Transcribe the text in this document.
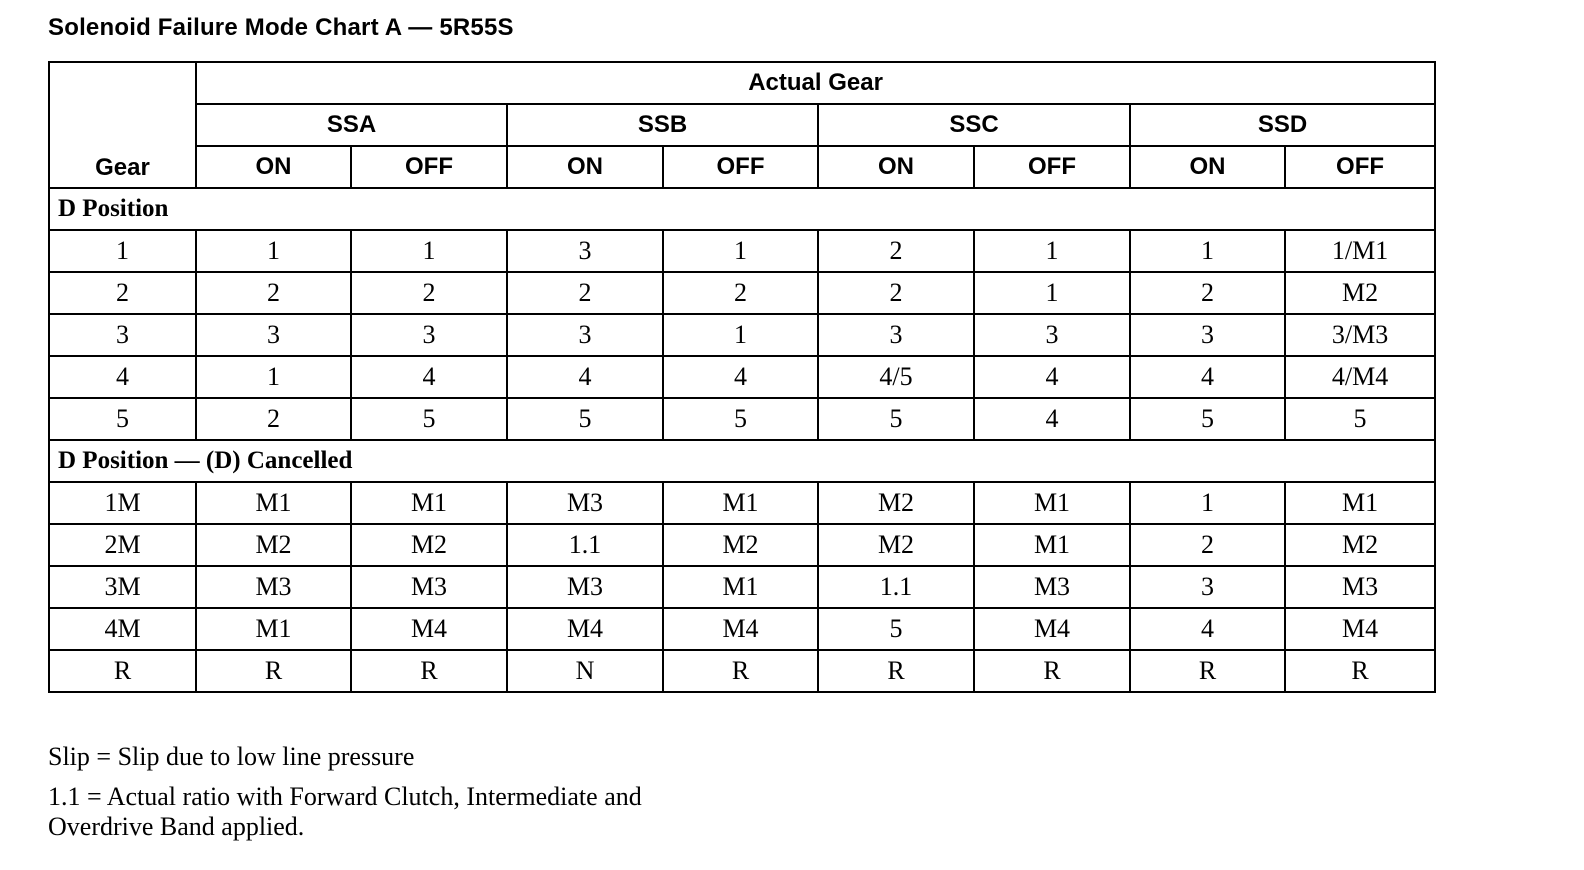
Solenoid Failure Mode Chart A — 5R55S
Gear	Actual Gear							
	SSA		SSB		SSC		SSD	
	ON	OFF	ON	OFF	ON	OFF	ON	OFF
D Position								
1	1	1	3	1	2	1	1	1/M1
2	2	2	2	2	2	1	2	M2
3	3	3	3	1	3	3	3	3/M3
4	1	4	4	4	4/5	4	4	4/M4
5	2	5	5	5	5	4	5	5
D Position — (D) Cancelled								
1M	M1	M1	M3	M1	M2	M1	1	M1
2M	M2	M2	1.1	M2	M2	M1	2	M2
3M	M3	M3	M3	M1	1.1	M3	3	M3
4M	M1	M4	M4	M4	5	M4	4	M4
R	R	R	N	R	R	R	R	R

Slip = Slip due to low line pressure

1.1 = Actual ratio with Forward Clutch, Intermediate and Overdrive Band applied.
